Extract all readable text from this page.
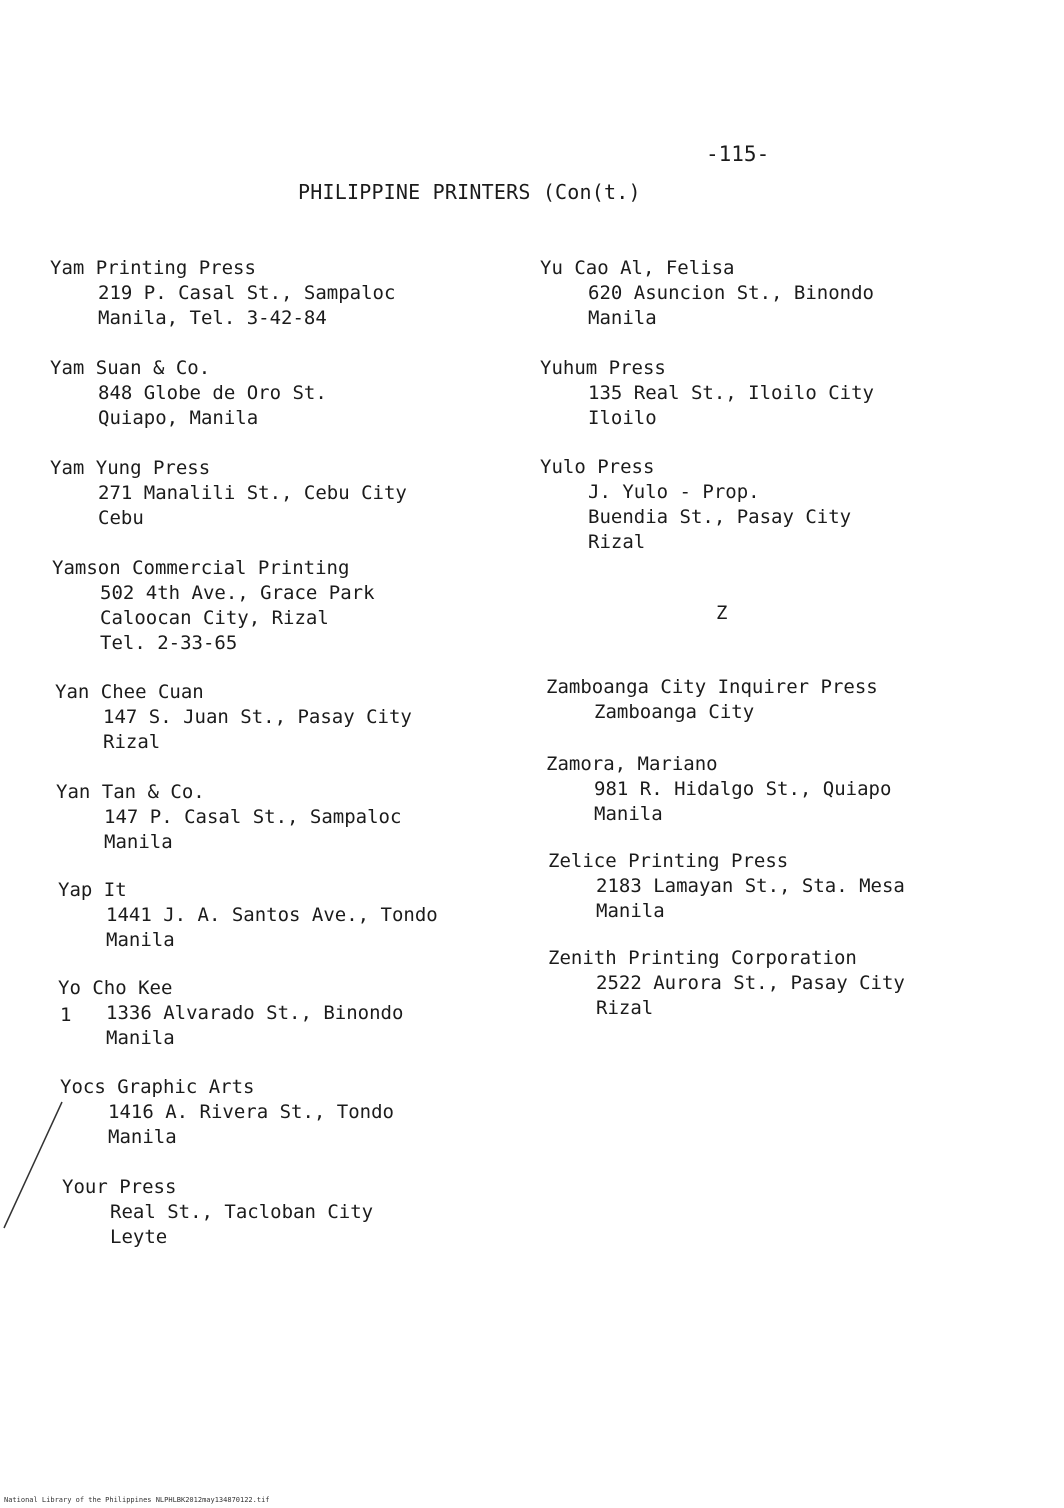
-115-
PHILIPPINE PRINTERS (Con(t.)
Yam Printing Press
219 P. Casal St., Sampaloc
Manila, Tel. 3-42-84
Yam Suan & Co.
848 Globe de Oro St.
Quiapo, Manila
Yam Yung Press
271 Manalili St., Cebu City
Cebu
Yamson Commercial Printing
502 4th Ave., Grace Park
Caloocan City, Rizal
Tel. 2-33-65
Yan Chee Cuan
147 S. Juan St., Pasay City
Rizal
Yan Tan & Co.
147 P. Casal St., Sampaloc
Manila
Yap It
1441 J. A. Santos Ave., Tondo
Manila
1
Yo Cho Kee
1336 Alvarado St., Binondo
Manila
Yocs Graphic Arts
1416 A. Rivera St., Tondo
Manila
Your Press
Real St., Tacloban City
Leyte
Yu Cao Al, Felisa
620 Asuncion St., Binondo
Manila
Yuhum Press
135 Real St., Iloilo City
Iloilo
Yulo Press
J. Yulo - Prop.
Buendia St., Pasay City
Rizal
Z
Zamboanga City Inquirer Press
Zamboanga City
Zamora, Mariano
981 R. Hidalgo St., Quiapo
Manila
Zelice Printing Press
2183 Lamayan St., Sta. Mesa
Manila
Zenith Printing Corporation
2522 Aurora St., Pasay City
Rizal
National Library of the Philippines NLPHLBK2012may134870122.tif
